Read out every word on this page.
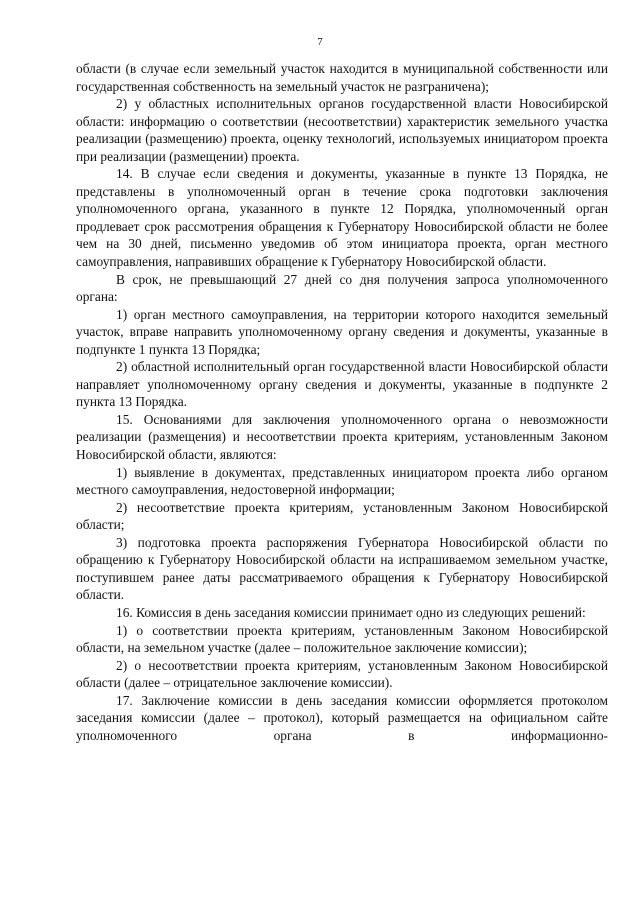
7

области (в случае если земельный участок находится в муниципальной собственности или государственная собственность на земельный участок не разграничена);

2) у областных исполнительных органов государственной власти Новосибирской области: информацию о соответствии (несоответствии) характеристик земельного участка реализации (размещению) проекта, оценку технологий, используемых инициатором проекта при реализации (размещении) проекта.

14. В случае если сведения и документы, указанные в пункте 13 Порядка, не представлены в уполномоченный орган в течение срока подготовки заключения уполномоченного органа, указанного в пункте 12 Порядка, уполномоченный орган продлевает срок рассмотрения обращения к Губернатору Новосибирской области не более чем на 30 дней, письменно уведомив об этом инициатора проекта, орган местного самоуправления, направивших обращение к Губернатору Новосибирской области.

В срок, не превышающий 27 дней со дня получения запроса уполномоченного органа:

1) орган местного самоуправления, на территории которого находится земельный участок, вправе направить уполномоченному органу сведения и документы, указанные в подпункте 1 пункта 13 Порядка;

2) областной исполнительный орган государственной власти Новосибирской области направляет уполномоченному органу сведения и документы, указанные в подпункте 2 пункта 13 Порядка.

15. Основаниями для заключения уполномоченного органа о невозможности реализации (размещения) и несоответствии проекта критериям, установленным Законом Новосибирской области, являются:

1) выявление в документах, представленных инициатором проекта либо органом местного самоуправления, недостоверной информации;

2) несоответствие проекта критериям, установленным Законом Новосибирской области;

3) подготовка проекта распоряжения Губернатора Новосибирской области по обращению к Губернатору Новосибирской области на испрашиваемом земельном участке, поступившем ранее даты рассматриваемого обращения к Губернатору Новосибирской области.

16. Комиссия в день заседания комиссии принимает одно из следующих решений:

1) о соответствии проекта критериям, установленным Законом Новосибирской области, на земельном участке (далее – положительное заключение комиссии);

2) о несоответствии проекта критериям, установленным Законом Новосибирской области (далее – отрицательное заключение комиссии).

17. Заключение комиссии в день заседания комиссии оформляется протоколом заседания комиссии (далее – протокол), который размещается на официальном сайте уполномоченного органа в информационно-
